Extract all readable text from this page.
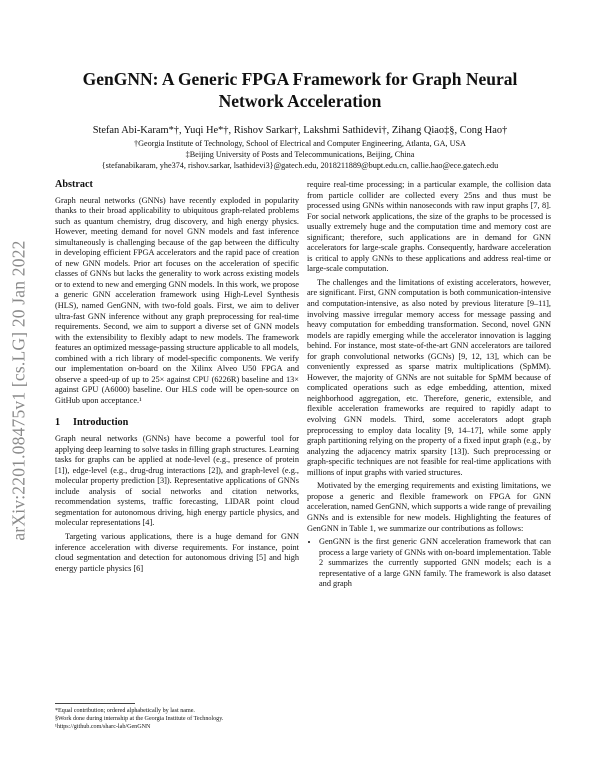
arXiv:2201.08475v1 [cs.LG] 20 Jan 2022
GenGNN: A Generic FPGA Framework for Graph Neural Network Acceleration
Stefan Abi-Karam*†, Yuqi He*†, Rishov Sarkar†, Lakshmi Sathidevi†, Zihang Qiao‡§, Cong Hao†
†Georgia Institute of Technology, School of Electrical and Computer Engineering, Atlanta, GA, USA
‡Beijing University of Posts and Telecommunications, Beijing, China
{stefanabikaram, yhe374, rishov.sarkar, lsathidevi3}@gatech.edu, 2018211889@bupt.edu.cn, callie.hao@ece.gatech.edu
Abstract

Graph neural networks (GNNs) have recently exploded in popularity thanks to their broad applicability to ubiquitous graph-related problems such as quantum chemistry, drug discovery, and high energy physics. However, meeting demand for novel GNN models and fast inference simultaneously is challenging because of the gap between the difficulty in developing efficient FPGA accelerators and the rapid pace of creation of new GNN models. Prior art focuses on the acceleration of specific classes of GNNs but lacks the generality to work across existing models or to extend to new and emerging GNN models. In this work, we propose a generic GNN acceleration framework using High-Level Synthesis (HLS), named GenGNN, with two-fold goals. First, we aim to deliver ultra-fast GNN inference without any graph preprocessing for real-time requirements. Second, we aim to support a diverse set of GNN models with the extensibility to flexibly adapt to new models. The framework features an optimized message-passing structure applicable to all models, combined with a rich library of model-specific components. We verify our implementation on-board on the Xilinx Alveo U50 FPGA and observe a speed-up of up to 25× against CPU (6226R) baseline and 13× against GPU (A6000) baseline. Our HLS code will be open-source on GitHub upon acceptance.¹

1 Introduction

Graph neural networks (GNNs) have become a powerful tool for applying deep learning to solve tasks in filling graph structures. Learning tasks for graphs can be applied at node-level (e.g., presence of protein [1]), edge-level (e.g., drug-drug interactions [2]), and graph-level (e.g., molecular property prediction [3]). Representative applications of GNNs include analysis of social networks and citation networks, recommendation systems, traffic forecasting, LIDAR point cloud segmentation for autonomous driving, high energy particle physics, and molecular representations [4].

Targeting various applications, there is a huge demand for GNN inference acceleration with diverse requirements. For instance, point cloud segmentation and detection for autonomous driving [5] and high energy particle physics [6]

*Equal contribution; ordered alphabetically by last name.
§Work done during internship at the Georgia Institute of Technology.
¹https://github.com/sharc-lab/GenGNN

require real-time processing; in a particular example, the collision data from particle collider are collected every 25ns and thus must be processed using GNNs within nanoseconds with raw input graphs [7, 8]. For social network applications, the size of the graphs to be processed is usually extremely huge and the computation time and memory cost are significant; therefore, such applications are in demand for GNN accelerators for large-scale graphs. Consequently, hardware acceleration is critical to apply GNNs to these applications and address real-time or large-scale computation.

The challenges and the limitations of existing accelerators, however, are significant. First, GNN computation is both communication-intensive and computation-intensive, as also noted by previous literature [9–11], involving massive irregular memory access for message passing and heavy computation for embedding transformation. Second, novel GNN models are rapidly emerging while the accelerator innovation is lagging behind. For instance, most state-of-the-art GNN accelerators are tailored for graph convolutional networks (GCNs) [9, 12, 13], which can be conveniently expressed as sparse matrix multiplications (SpMM). However, the majority of GNNs are not suitable for SpMM because of complicated operations such as edge embedding, attention, mixed neighborhood aggregation, etc. Therefore, generic, extensible, and flexible acceleration frameworks are required to rapidly adapt to evolving GNN models. Third, some accelerators adopt graph preprocessing to employ data locality [9, 14–17], while some apply graph partitioning relying on the property of a fixed input graph (e.g., by analyzing the adjacency matrix sparsity [13]). Such preprocessing or graph-specific techniques are not feasible for real-time applications with millions of input graphs with varied structures.

Motivated by the emerging requirements and existing limitations, we propose a generic and flexible framework on FPGA for GNN acceleration, named GenGNN, which supports a wide range of prevailing GNNs and is extensible for new models. Highlighting the features of GenGNN in Table 1, we summarize our contributions as follows:

• GenGNN is the first generic GNN acceleration framework that can process a large variety of GNNs with on-board implementation. Table 2 summarizes the currently supported GNN models; each is a representative of a large GNN family. The framework is also dataset and graph
